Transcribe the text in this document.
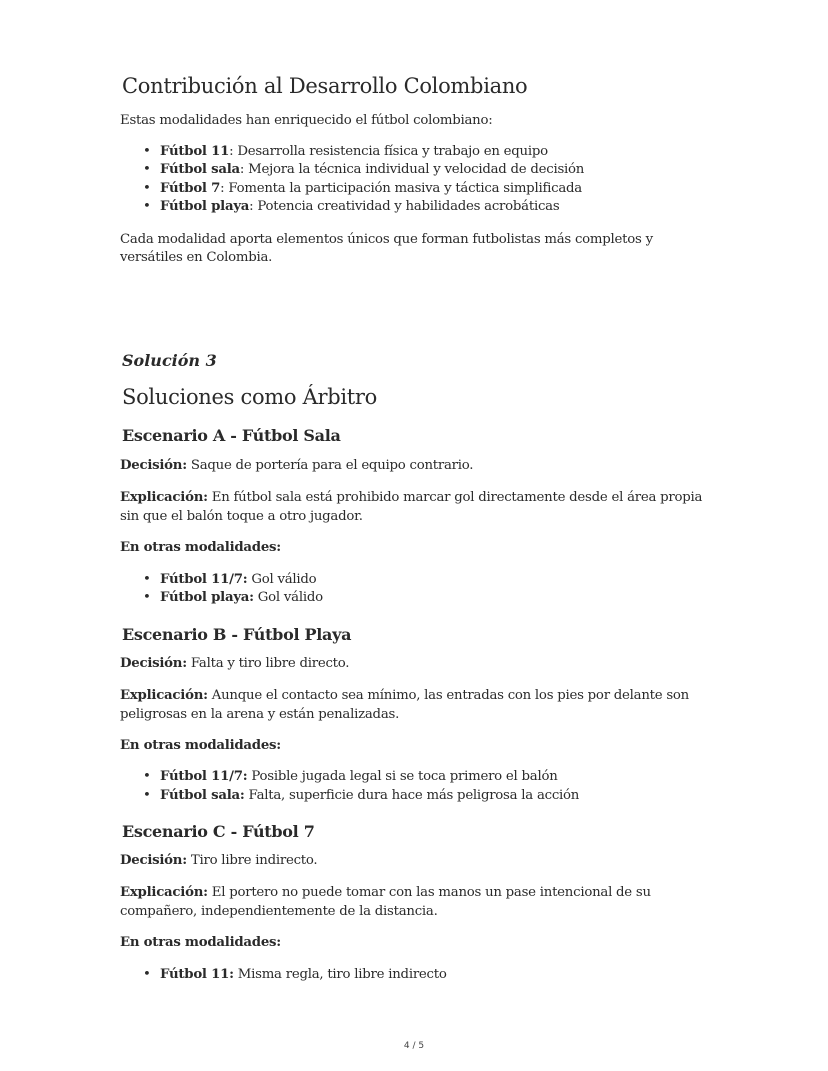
Contribución al Desarrollo Colombiano
Estas modalidades han enriquecido el fútbol colombiano:
• Fútbol 11: Desarrolla resistencia física y trabajo en equipo
• Fútbol sala: Mejora la técnica individual y velocidad de decisión
• Fútbol 7: Fomenta la participación masiva y táctica simplificada
• Fútbol playa: Potencia creatividad y habilidades acrobáticas
Cada modalidad aporta elementos únicos que forman futbolistas más completos y
versátiles en Colombia.
Solución 3
Soluciones como Árbitro
Escenario A - Fútbol Sala
Decisión: Saque de portería para el equipo contrario.
Explicación: En fútbol sala está prohibido marcar gol directamente desde el área propia
sin que el balón toque a otro jugador.
En otras modalidades:
• Fútbol 11/7: Gol válido
• Fútbol playa: Gol válido
Escenario B - Fútbol Playa
Decisión: Falta y tiro libre directo.
Explicación: Aunque el contacto sea mínimo, las entradas con los pies por delante son
peligrosas en la arena y están penalizadas.
En otras modalidades:
• Fútbol 11/7: Posible jugada legal si se toca primero el balón
• Fútbol sala: Falta, superficie dura hace más peligrosa la acción
Escenario C - Fútbol 7
Decisión: Tiro libre indirecto.
Explicación: El portero no puede tomar con las manos un pase intencional de su
compañero, independientemente de la distancia.
En otras modalidades:
• Fútbol 11: Misma regla, tiro libre indirecto
4 / 5
